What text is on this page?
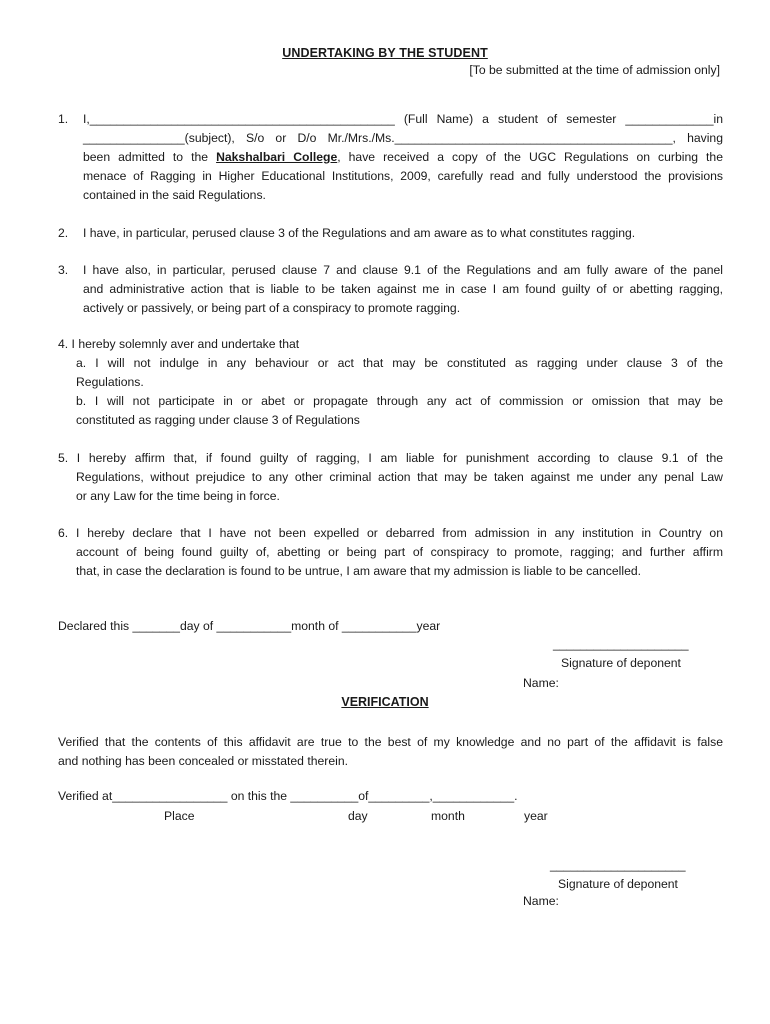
UNDERTAKING BY THE STUDENT
[To be submitted at the time of admission only]
1. I,_____________________________________________ (Full Name) a student of semester _____________in
_______________(subject), S/o or D/o Mr./Mrs./Ms._________________________________________, having
been admitted to the Nakshalbari College, have received a copy of the UGC Regulations on curbing the
menace of Ragging in Higher Educational Institutions, 2009, carefully read and fully understood the provisions
contained in the said Regulations.
2. I have, in particular, perused clause 3 of the Regulations and am aware as to what constitutes ragging.
3. I have also, in particular, perused clause 7 and clause 9.1 of the Regulations and am fully aware of the panel
and administrative action that is liable to be taken against me in case I am found guilty of or abetting ragging,
actively or passively, or being part of a conspiracy to promote ragging.
4. I hereby solemnly aver and undertake that
a. I will not indulge in any behaviour or act that may be constituted as ragging under clause 3 of the
Regulations.
b. I will not participate in or abet or propagate through any act of commission or omission that may be
constituted as ragging under clause 3 of Regulations
5. I hereby affirm that, if found guilty of ragging, I am liable for punishment according to clause 9.1 of the
Regulations, without prejudice to any other criminal action that may be taken against me under any penal Law
or any Law for the time being in force.
6. I hereby declare that I have not been expelled or debarred from admission in any institution in Country on
account of being found guilty of, abetting or being part of conspiracy to promote, ragging; and further affirm
that, in case the declaration is found to be untrue, I am aware that my admission is liable to be cancelled.
Declared this _______day of ___________month of ___________year
____________________
Signature of deponent
Name:
VERIFICATION
Verified that the contents of this affidavit are true to the best of my knowledge and no part of the affidavit is false
and nothing has been concealed or misstated therein.
Verified at_________________ on this the __________of_________,____________.
Place	day	month	year
____________________
Signature of deponent
Name:
